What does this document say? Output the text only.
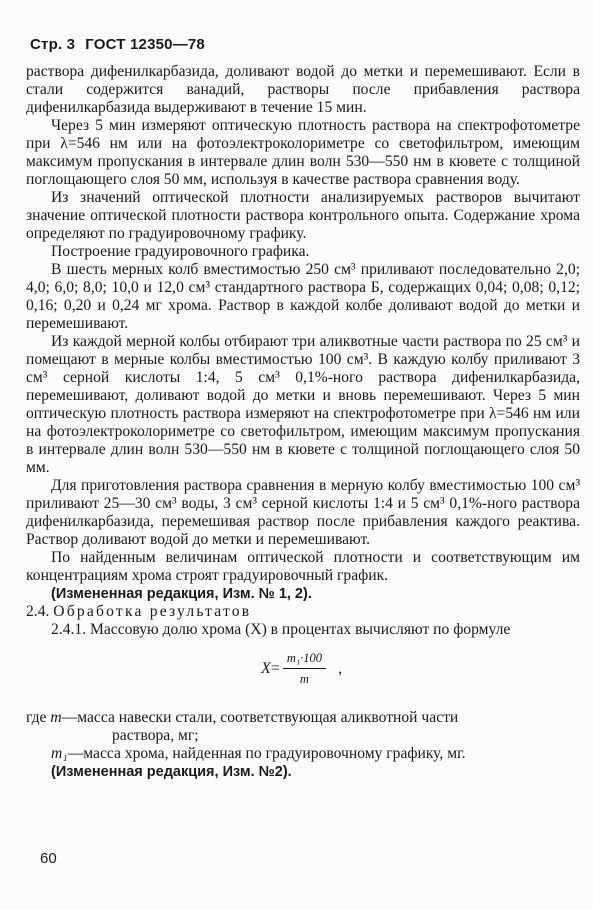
Стр. 3 ГОСТ 12350—78

раствора дифенилкарбазида, доливают водой до метки и перемешивают. Если в стали содержится ванадий, растворы после прибавления раствора дифенилкарбазида выдерживают в течение 15 мин.

Через 5 мин измеряют оптическую плотность раствора на спектрофотометре при λ=546 нм или на фотоэлектроколориметре со светофильтром, имеющим максимум пропускания в интервале длин волн 530—550 нм в кювете с толщиной поглощающего слоя 50 мм, используя в качестве раствора сравнения воду.

Из значений оптической плотности анализируемых растворов вычитают значение оптической плотности раствора контрольного опыта. Содержание хрома определяют по градуировочному графику.

Построение градуировочного графика.

В шесть мерных колб вместимостью 250 см³ приливают последовательно 2,0; 4,0; 6,0; 8,0; 10,0 и 12,0 см³ стандартного раствора Б, содержащих 0,04; 0,08; 0,12; 0,16; 0,20 и 0,24 мг хрома. Раствор в каждой колбе доливают водой до метки и перемешивают.

Из каждой мерной колбы отбирают три аликвотные части раствора по 25 см³ и помещают в мерные колбы вместимостью 100 см³. В каждую колбу приливают 3 см³ серной кислоты 1:4, 5 см³ 0,1%-ного раствора дифенилкарбазида, перемешивают, доливают водой до метки и вновь перемешивают. Через 5 мин оптическую плотность раствора измеряют на спектрофотометре при λ=546 нм или на фотоэлектроколориметре со светофильтром, имеющим максимум пропускания в интервале длин волн 530—550 нм в кювете с толщиной поглощающего слоя 50 мм.

Для приготовления раствора сравнения в мерную колбу вместимостью 100 см³ приливают 25—30 см³ воды, 3 см³ серной кислоты 1:4 и 5 см³ 0,1%-ного раствора дифенилкарбазида, перемешивая раствор после прибавления каждого реактива. Раствор доливают водой до метки и перемешивают.

По найденным величинам оптической плотности и соответствующим им концентрациям хрома строят градуировочный график.

(Измененная редакция, Изм. № 1, 2).

2.4. Обработка результатов

2.4.1. Массовую долю хрома (X) в процентах вычисляют по формуле

$X = \frac{\text{m₁·100}}{m}$ ,
где
m —масса навески стали, соответствующая аликвотной части
раствора, мг;
m₁ —масса хрома, найденная по градуировочному графику, мг.

(Измененная редакция, Изм. №2).

60
